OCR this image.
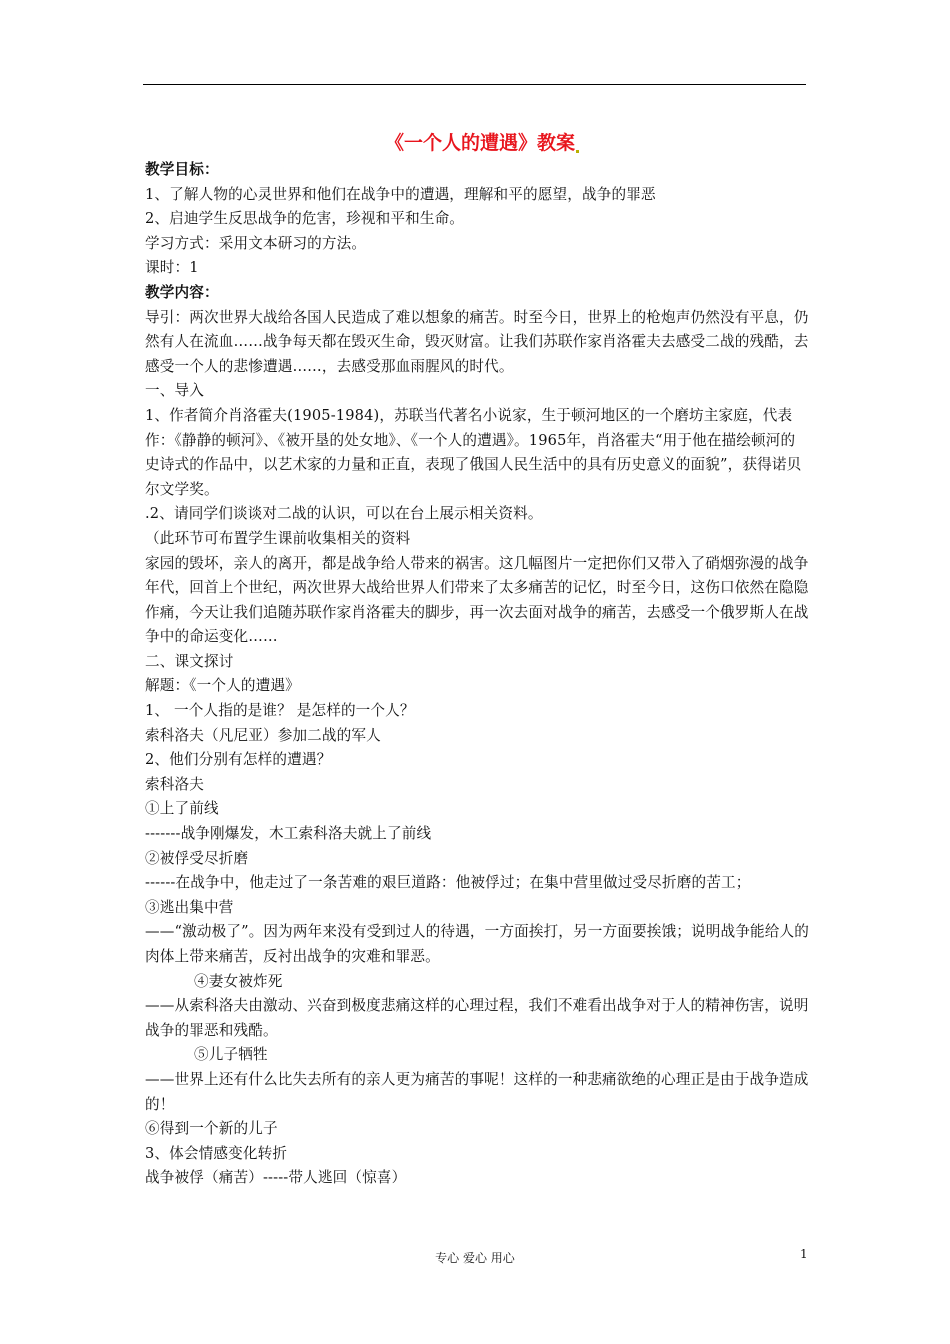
《一个人的遭遇》教案

教学目标：

1、了解人物的心灵世界和他们在战争中的遭遇，理解和平的愿望，战争的罪恶

2、启迪学生反思战争的危害，珍视和平和生命。

学习方式：采用文本研习的方法。

课时：1

教学内容：

导引：两次世界大战给各国人民造成了难以想象的痛苦。时至今日，世界上的枪炮声仍然没有平息，仍然有人在流血……战争每天都在毁灭生命，毁灭财富。让我们苏联作家肖洛霍夫去感受二战的残酷，去感受一个人的悲惨遭遇……，去感受那血雨腥风的时代。

一、导入

1、作者简介肖洛霍夫(1905-1984)，苏联当代著名小说家，生于顿河地区的一个磨坊主家庭，代表作：《静静的顿河》、《被开垦的处女地》、《一个人的遭遇》。1965年，肖洛霍夫“用于他在描绘顿河的史诗式的作品中，以艺术家的力量和正直，表现了俄国人民生活中的具有历史意义的面貌”，获得诺贝尔文学奖。

.2、请同学们谈谈对二战的认识，可以在台上展示相关资料。

（此环节可布置学生课前收集相关的资料

家园的毁坏，亲人的离开，都是战争给人带来的祸害。这几幅图片一定把你们又带入了硝烟弥漫的战争年代，回首上个世纪，两次世界大战给世界人们带来了太多痛苦的记忆，时至今日，这伤口依然在隐隐作痛，今天让我们追随苏联作家肖洛霍夫的脚步，再一次去面对战争的痛苦，去感受一个俄罗斯人在战争中的命运变化……

二、课文探讨

解题：《一个人的遭遇》

1、 一个人指的是谁？ 是怎样的一个人？

索科洛夫（凡尼亚）参加二战的军人

2、他们分别有怎样的遭遇？

索科洛夫

①上了前线

-------战争刚爆发，木工索科洛夫就上了前线

②被俘受尽折磨

------在战争中，他走过了一条苦难的艰巨道路：他被俘过；在集中营里做过受尽折磨的苦工；

③逃出集中营

——“激动极了”。因为两年来没有受到过人的待遇，一方面挨打，另一方面要挨饿；说明战争能给人的肉体上带来痛苦，反衬出战争的灾难和罪恶。

④妻女被炸死

——从索科洛夫由激动、兴奋到极度悲痛这样的心理过程，我们不难看出战争对于人的精神伤害，说明战争的罪恶和残酷。

⑤儿子牺牲

——世界上还有什么比失去所有的亲人更为痛苦的事呢！这样的一种悲痛欲绝的心理正是由于战争造成的！

⑥得到一个新的儿子

3、体会情感变化转折

战争被俘（痛苦）-----带人逃回（惊喜）

专心 爱心 用心	1
